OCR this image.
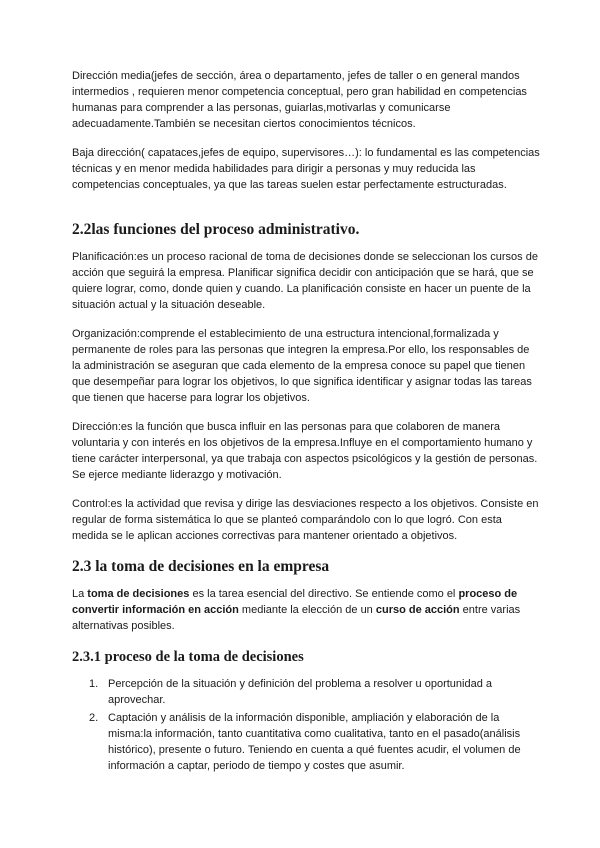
Dirección media(jefes de sección, área o departamento, jefes de taller o en general mandos intermedios , requieren menor competencia conceptual, pero gran habilidad en competencias humanas para comprender a las personas, guiarlas,motivarlas y comunicarse adecuadamente.También se necesitan ciertos conocimientos técnicos.

Baja dirección( capataces,jefes de equipo, supervisores…): lo fundamental es las competencias técnicas y en menor medida habilidades para dirigir a personas y muy reducida las competencias conceptuales, ya que las tareas suelen estar perfectamente estructuradas.

2.2las funciones del proceso administrativo.

Planificación:es un proceso racional de toma de decisiones donde se seleccionan los cursos de acción que seguirá la empresa. Planificar significa decidir con anticipación que se hará, que se quiere lograr, como, donde quien y cuando. La planificación consiste en hacer un puente de la situación actual y la situación deseable.

Organización:comprende el establecimiento de una estructura intencional,formalizada y permanente de roles para las personas que integren la empresa.Por ello, los responsables de la administración se aseguran que cada elemento de la empresa conoce su papel que tienen que desempeñar para lograr los objetivos, lo que significa identificar y asignar todas las tareas que tienen que hacerse para lograr los objetivos.

Dirección:es la función que busca influir en las personas para que colaboren de manera voluntaria y con interés en los objetivos de la empresa.Influye en el comportamiento humano y tiene carácter interpersonal, ya que trabaja con aspectos psicológicos y la gestión de personas. Se ejerce mediante liderazgo y motivación.

Control:es la actividad que revisa y dirige las desviaciones respecto a los objetivos. Consiste en regular de forma sistemática lo que se planteó comparándolo con lo que logró. Con esta medida se le aplican acciones correctivas para mantener orientado a objetivos.

2.3 la toma de decisiones en la empresa

La toma de decisiones es la tarea esencial del directivo. Se entiende como el proceso de convertir información en acción mediante la elección de un curso de acción entre varias alternativas posibles.

2.3.1 proceso de la toma de decisiones
1. Percepción de la situación y definición del problema a resolver u oportunidad a aprovechar.
2. Captación y análisis de la información disponible, ampliación y elaboración de la misma:la información, tanto cuantitativa como cualitativa, tanto en el pasado(análisis histórico), presente o futuro. Teniendo en cuenta a qué fuentes acudir, el volumen de información a captar, periodo de tiempo y costes que asumir.
